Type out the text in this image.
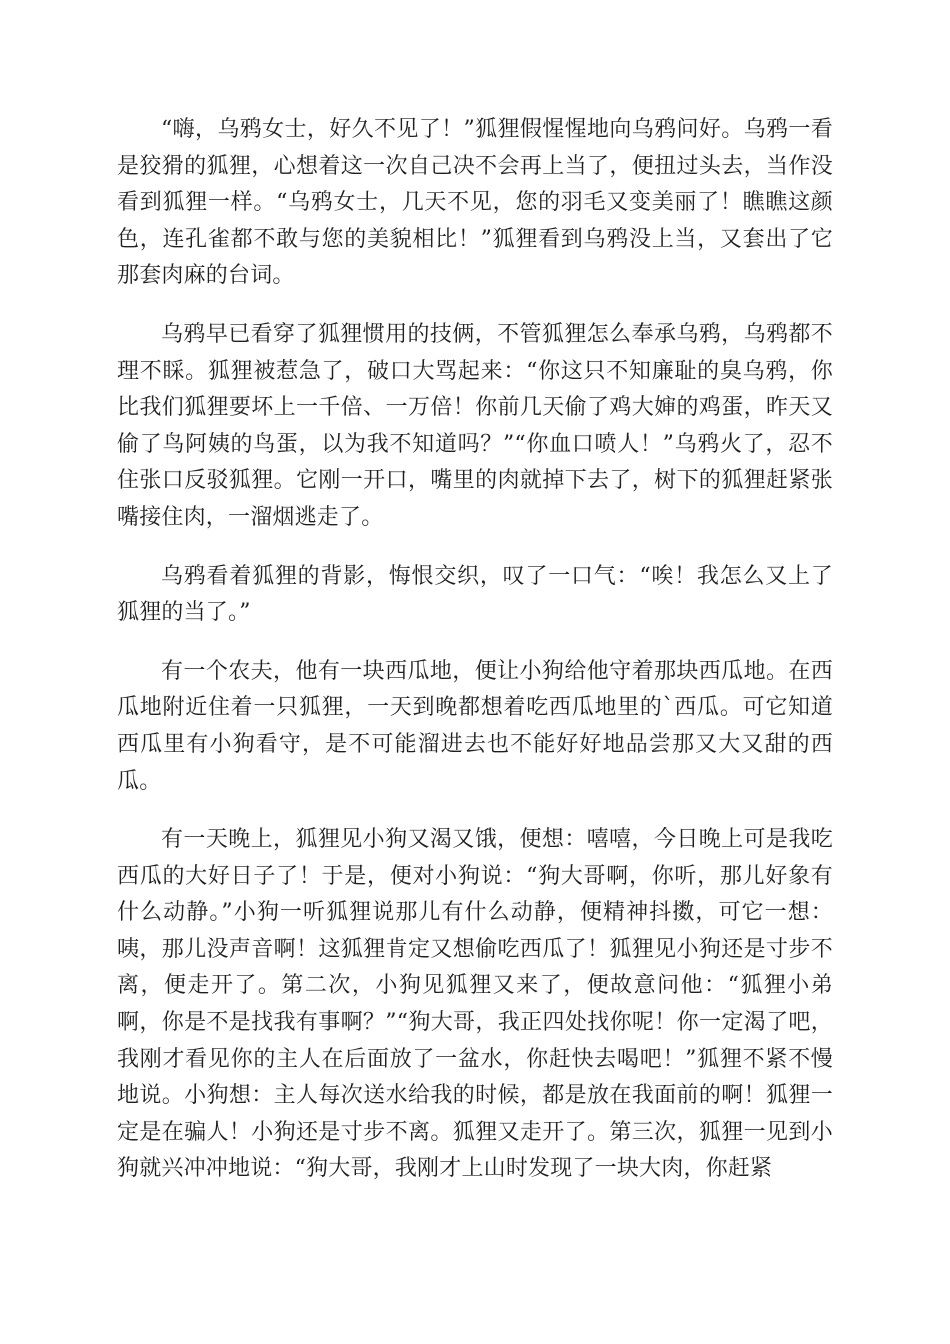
“嗨，乌鸦女士，好久不见了！”狐狸假惺惺地向乌鸦问好。乌鸦一看是狡猾的狐狸，心想着这一次自己决不会再上当了，便扭过头去，当作没看到狐狸一样。“乌鸦女士，几天不见，您的羽毛又变美丽了！瞧瞧这颜色，连孔雀都不敢与您的美貌相比！”狐狸看到乌鸦没上当，又套出了它那套肉麻的台词。

乌鸦早已看穿了狐狸惯用的技俩，不管狐狸怎么奉承乌鸦，乌鸦都不理不睬。狐狸被惹急了，破口大骂起来：“你这只不知廉耻的臭乌鸦，你比我们狐狸要坏上一千倍、一万倍！你前几天偷了鸡大婶的鸡蛋，昨天又偷了鸟阿姨的鸟蛋，以为我不知道吗？”“你血口喷人！”乌鸦火了，忍不住张口反驳狐狸。它刚一开口，嘴里的肉就掉下去了，树下的狐狸赶紧张嘴接住肉，一溜烟逃走了。

乌鸦看着狐狸的背影，悔恨交织，叹了一口气：“唉！我怎么又上了狐狸的当了。”

有一个农夫，他有一块西瓜地，便让小狗给他守着那块西瓜地。在西瓜地附近住着一只狐狸，一天到晚都想着吃西瓜地里的`西瓜。可它知道西瓜里有小狗看守，是不可能溜进去也不能好好地品尝那又大又甜的西瓜。

有一天晚上，狐狸见小狗又渴又饿，便想：嘻嘻，今日晚上可是我吃西瓜的大好日子了！于是，便对小狗说：“狗大哥啊，你听，那儿好象有什么动静。”小狗一听狐狸说那儿有什么动静，便精神抖擞，可它一想：咦，那儿没声音啊！这狐狸肯定又想偷吃西瓜了！狐狸见小狗还是寸步不离，便走开了。第二次，小狗见狐狸又来了，便故意问他：“狐狸小弟啊，你是不是找我有事啊？”“狗大哥，我正四处找你呢！你一定渴了吧，我刚才看见你的主人在后面放了一盆水，你赶快去喝吧！”狐狸不紧不慢地说。小狗想：主人每次送水给我的时候，都是放在我面前的啊！狐狸一定是在骗人！小狗还是寸步不离。狐狸又走开了。第三次，狐狸一见到小狗就兴冲冲地说：“狗大哥，我刚才上山时发现了一块大肉，你赶紧
